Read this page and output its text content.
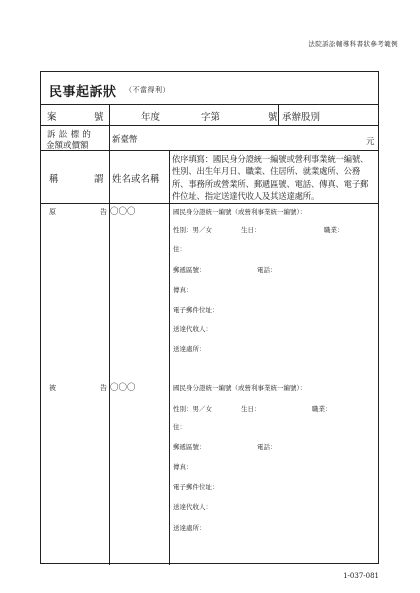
法院訴訟輔導科書狀參考範例
民事起訴狀 （不當得利）
案	號	年度	字第	號 承辦股別
訴 訟 標 的
金額或價額
新臺幣	元
稱	謂 姓名或名稱
依序填寫：國民身分證統一編號或營利事業統一編號、性別、出生年月日、職業、住居所、就業處所、公務所、事務所或營業所、郵遞區號、電話、傳真、電子郵件位址、指定送達代收人及其送達處所。
原	告 〇〇〇	國民身分證統一編號（或營利事業統一編號）：
性別：男／女	生日：	職業：
住：
郵遞區號：	電話：
傳真：
電子郵件位址：
送達代收人：
送達處所：
被	告 〇〇〇	國民身分證統一編號（或營利事業統一編號）：
性別：男／女	生日：	職業：
住：
郵遞區號：	電話：
傳真：
電子郵件位址：
送達代收人：
送達處所：
1-037-081
